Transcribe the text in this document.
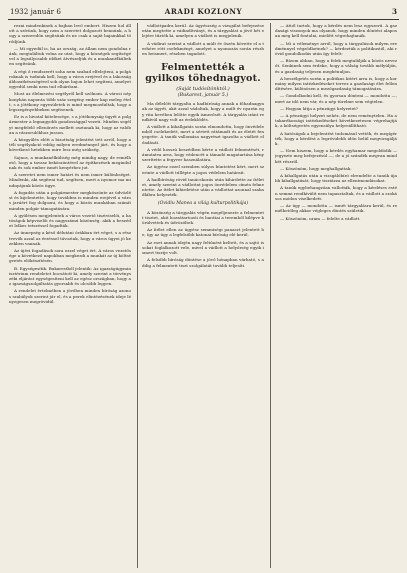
1932 január 6	ARADI KOZLONY	3

rezni mindenkinek a bajban levő embert. Hiszen hol állott a szívünk, hogy nem a szeretet dolgozott bennünk, a hogy a szenvedőn segítsünk és ne csak a saját bajainkkal törődjünk.

— Mi egyedül is, ha az ország, az állam nem gondolna ránk, megtaláltuk volna az utat, hogy a községek segítségével a legsúlyosabb időket átvészeljük és a munkanélkülieken segítsünk.

A régi ő rendszerét soha nem szabad elfelejteni, a polgároknak is tudniuk kell, hogy a város erejével és a lakosság áldozatkészségével sok olyan bajon lehet segíteni, amelyet egyedül senki nem tud elhárítani.

Most az élelmezési segélyről kell szólnom. A városi népkonyhán naponta több száz szegény ember kap meleg ételt, s a jótékony egyesületek is mind megmozdultak, hogy a legszegényebbeken segítsenek.

Ez is a hivatal kötelessége, s a jótékonyság ügyét a polgármester a legnagyobb gondossággal vezeti. Minden segélyt megfelelő ellenőrzés mellett osztanak ki, hogy az valóban a rászorulókhoz jusson.

A közgyűlés előtt a bizottság jelentést tett arról, hogy a téli segélyakció eddig milyen eredménnyel járt, és hogy a következő hetekben mire lesz még szükség.

Sajnos, a munkanélküliség még mindig nagy, de remélhető, hogy a tavasz beköszöntével az építkezések megindulnak és sok ember ismét kenyérhez jut.

A szeretet nem ismer határt és nem ismer különbséget. Mindenki, aki segíteni tud, segítsen, mert a nyomor ma mindnyájunk közös ügye.

A fogadás után a polgármester megköszönte az üdvözlést és kijelentette, hogy továbbra is minden erejével a város javáért fog dolgozni, és hogy a közös munkában számít minden polgár támogatására.

A gyűlésen megjelentek a város vezető tisztviselői, a hatóságok képviselői és nagyszámú közönség, akik a beszédet lelkes tetszéssel fogadták.

Az ünnepség a késő délutáni órákban ért véget, s a résztvevők azzal az érzéssel távoztak, hogy a város ügyei jó kezekben vannak.

Az újévi fogadások sora ezzel véget ért. A város vezetősége a következő napokban megkezdi a munkát az új költségvetés előkészítésén.

B. Egységesítik. Bukarestből jelentik: Az igazságügyminisztérium rendeletet bocsátott ki, amely szerint a törvényszéki eljárást egységesíteni kell az egész országban, hogy az igazságszolgáltatás gyorsabb és olcsóbb legyen.

A rendelet értelmében a jövőben minden bíróság azonos szabályok szerint jár el, és a perek elintézésének ideje lényegesen megrövidül.

vádlottpadra kerül. Az ügyészség a vizsgálat befejezése után megtette a vádindítványt, és a tárgyalást a jövő hét elejére tűzték ki, amelyen a vádlott is megjelenik.

A vádirat szerint a vádlott a múlt év őszén követte el a terhére rótt cselekményt, amelyet a nyomozás során részben beismert, részben tagadott.

Felmentették a gyilkos töhednagyot.
(Saját tudósítónktól.)
(Bukarest, január 5.)

Ma délelőtt tárgyalta a hadbíróság annak a főhadnagynak az ügyét, akit azzal vádoltak, hogy a múlt év nyarán egy vita hevében lelőtte egyik ismerősét. A tárgyalás iránt rendkívül nagy volt az érdeklődés.

A vádlott a kihallgatás során elmondotta, hogy önvédelemből cselekedett, mert a sértett rátámadt és az életét fenyegette. A tanúk vallomása nagyrészt igazolta a vádlott előadását.

A védő hosszú beszédben kérte a vádlott felmentését, rámutatva arra, hogy védencét a támadó magatartása kényszerítette a fegyver használatára.

Az ügyész ezzel szemben súlyos büntetést kért, mert szerinte a vádlott túllépte a jogos védelem határait.

A hadbíróság rövid tanácskozás után kihirdette az ítéletet, amely szerint a vádlottat jogos önvédelem címén felmentette. Az ítélet kihirdetése után a vádlottat azonnal szabadlábra helyezték.

(Ovidiu Manea a világ kulturpolitikája)

A közönség a tárgyalás végén megéljenezte a felmentett tisztet, akit hozzátartozói és barátai a teremből kilépve körülvettek és üdvözöltek.

Az ítélet ellen az ügyész semmiségi panaszt jelentett be, így az ügy a legfelsőbb katonai bíróság elé kerül.

Az eset annak idején nagy feltűnést keltett, és a sajtó is sokat foglalkozott vele, mivel a vádlott a helyőrség egyik ismert tisztje volt.

A felsőbb bíróság döntése a jövő hónapban várható, s addig a felmentett tiszt szolgálatát tovább teljesíti.

— Attól tartok, hogy a kérdés nem lesz egyszerű. A gazdasági viszonyok ma olyanok, hogy minden döntést alaposan meg kell fontolni, mielőtt végrehajtanák.

— Mi a véleménye arról, hogy a tárgyalások milyen eredménnyel végződhetnek? — kérdeztük a politikustól, aki rövid gondolkodás után így felelt:

— Bízom abban, hogy a felek megtalálják a közös nevezőt. Senkinek sem érdeke, hogy a válság tovább mélyüljön, és a gazdaság teljesen megbénuljon.

A beszélgetés során a politikus kitért arra is, hogy a kormány milyen intézkedéseket tervez a gazdasági élet fellendítésére, különösen a mezőgazdaság támogatására.

— Gondolkodni kell, és gyorsan dönteni — mondotta —, mert az idő nem vár, és a nép türelme sem végtelen.

— Hogyan látja a pénzügyi helyzetet?

— A pénzügyi helyzet nehéz, de nem reménytelen. Ha a takarékossági intézkedéseket következetesen végrehajtják, a költségvetés egyensúlya helyreállítható.

A hatóságok a bejelentést tudomásul vették, és megígérték, hogy a kérdést a legrövidebb időn belül megvizsgálják.

— Nem hiszem, hogy a kérdés egyhamar megoldódik — jegyezte meg befejezésül —, de a jó szándék megvan mindkét részről.

— Köszönöm, hogy meghallgattak.

A kihallgatás után a vizsgálóbíró elrendelte a tanúk újabb kihallgatását, hogy tisztázza az ellentmondásokat.

A tanúk egybehangzóan vallották, hogy a kérdéses estén semmi rendkívülit nem tapasztaltak, és a vádlott a szokásos módon viselkedett.

— Az ügy — mondotta — ismét tárgyalásra kerül, és remélhetőleg akkor végleges döntés születik.

— Köszönöm, uram — felelte a vádlott.
